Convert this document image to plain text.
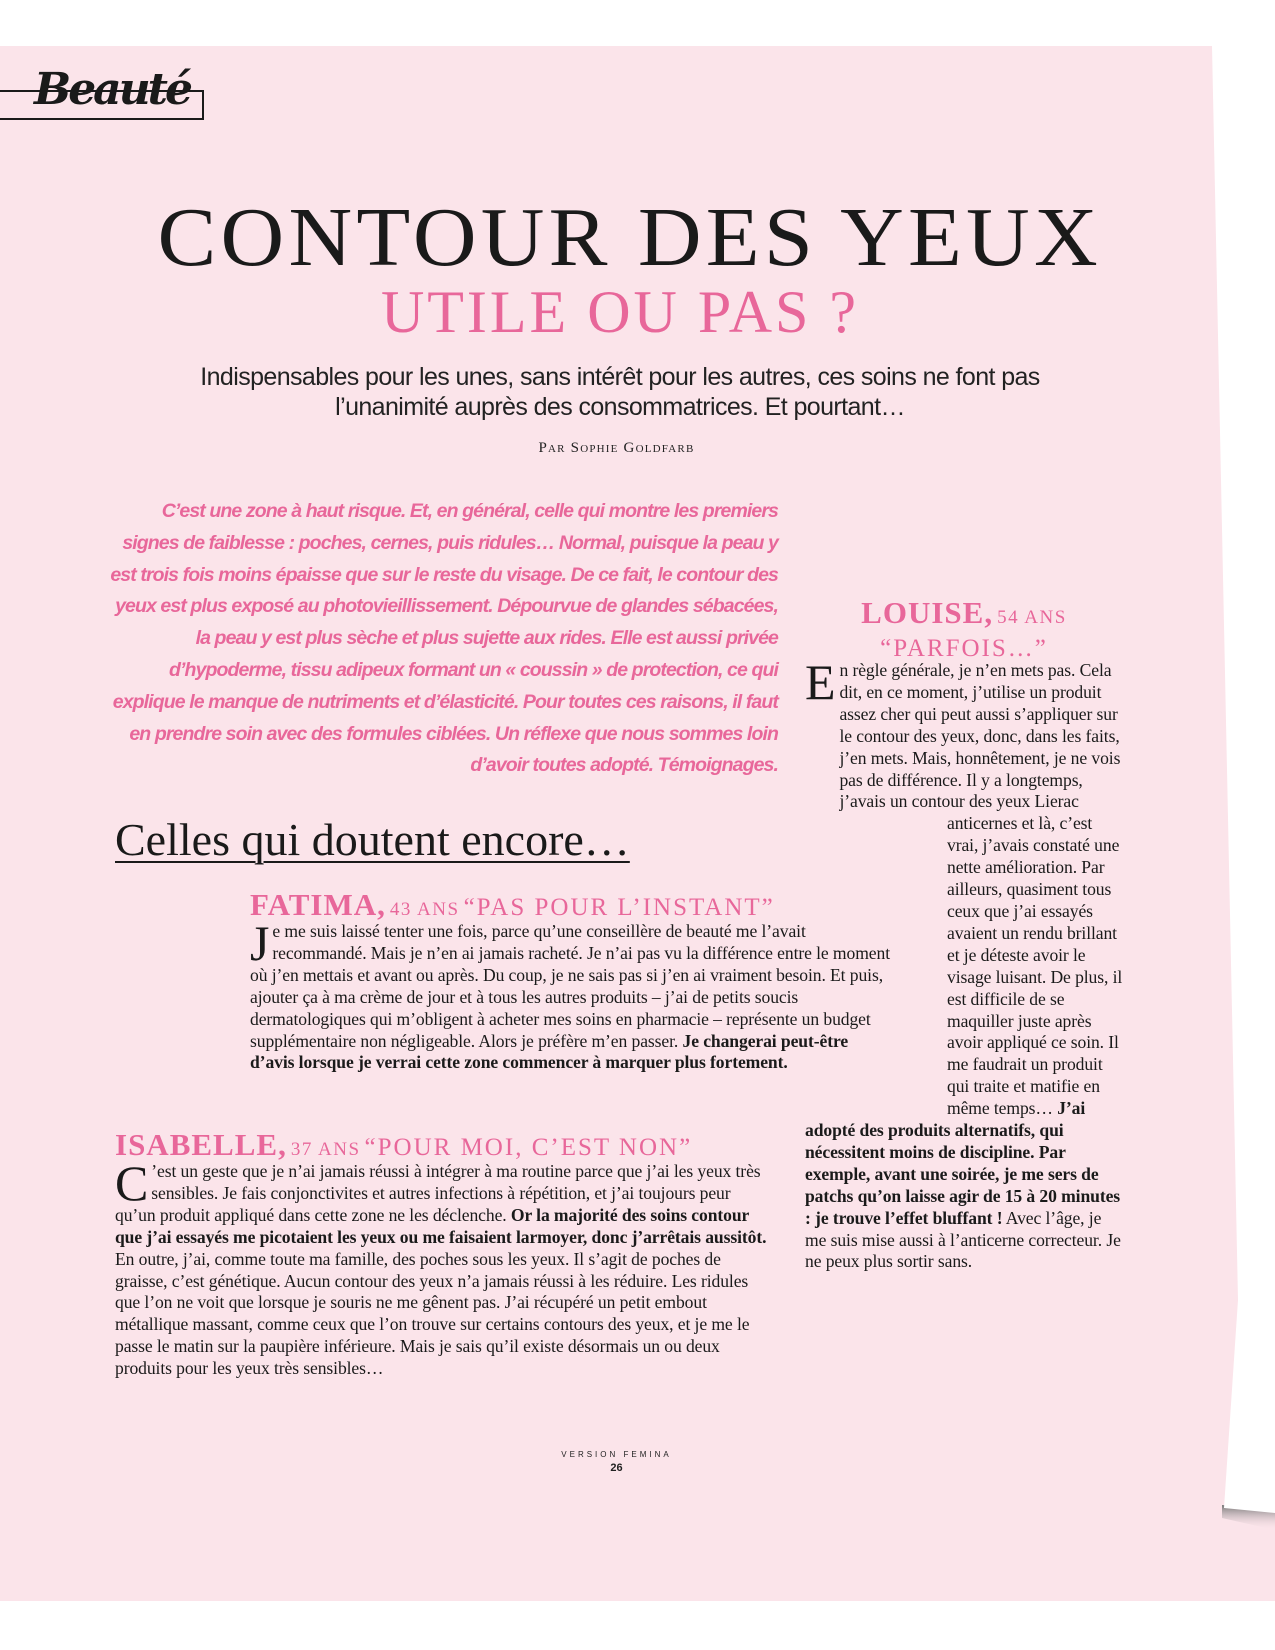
Beauté
CONTOUR DES YEUX
UTILE OU PAS ?
Indispensables pour les unes, sans intérêt pour les autres, ces soins ne font pas l’unanimité auprès des consommatrices. Et pourtant…
Par Sophie Goldfarb
C’est une zone à haut risque. Et, en général, celle qui montre les premiers signes de faiblesse : poches, cernes, puis ridules… Normal, puisque la peau y est trois fois moins épaisse que sur le reste du visage. De ce fait, le contour des yeux est plus exposé au photovieillissement. Dépourvue de glandes sébacées, la peau y est plus sèche et plus sujette aux rides. Elle est aussi privée d’hypoderme, tissu adipeux formant un « coussin » de protection, ce qui explique le manque de nutriments et d’élasticité. Pour toutes ces raisons, il faut en prendre soin avec des formules ciblées. Un réflexe que nous sommes loin d’avoir toutes adopté. Témoignages.
Celles qui doutent encore…
LOUISE, 54 ANS
“PARFOIS…”
E n règle générale, je n’en mets pas. Cela dit, en ce moment, j’utilise un produit assez cher qui peut aussi s’appliquer sur le contour des yeux, donc, dans les faits, j’en mets. Mais, honnêtement, je ne vois pas de différence. Il y a longtemps, j’avais un contour des yeux Lierac anticernes et là, c’est vrai, j’avais constaté une nette amélioration. Par ailleurs, quasiment tous ceux que j’ai essayés avaient un rendu brillant et je déteste avoir le visage luisant. De plus, il est difficile de se maquiller juste après avoir appliqué ce soin. Il me faudrait un produit qui traite et matifie en même temps… J’ai adopté des produits alternatifs, qui nécessitent moins de discipline. Par exemple, avant une soirée, je me sers de patchs qu’on laisse agir de 15 à 20 minutes : je trouve l’effet bluffant ! Avec l’âge, je me suis mise aussi à l’anticerne correcteur. Je ne peux plus sortir sans.
FATIMA, 43 ANS “PAS POUR L’INSTANT”
Je me suis laissé tenter une fois, parce qu’une conseillère de beauté me l’avait recommandé. Mais je n’en ai jamais racheté. Je n’ai pas vu la différence entre le moment où j’en mettais et avant ou après. Du coup, je ne sais pas si j’en ai vraiment besoin. Et puis, ajouter ça à ma crème de jour et à tous les autres produits – j’ai de petits soucis dermatologiques qui m’obligent à acheter mes soins en pharmacie – représente un budget supplémentaire non négligeable. Alors je préfère m’en passer. Je changerai peut-être d’avis lorsque je verrai cette zone commencer à marquer plus fortement.
ISABELLE, 37 ANS “POUR MOI, C’EST NON”
C ’est un geste que je n’ai jamais réussi à intégrer à ma routine parce que j’ai les yeux très sensibles. Je fais conjonctivites et autres infections à répétition, et j’ai toujours peur qu’un produit appliqué dans cette zone ne les déclenche. Or la majorité des soins contour que j’ai essayés me picotaient les yeux ou me faisaient larmoyer, donc j’arrêtais aussitôt. En outre, j’ai, comme toute ma famille, des poches sous les yeux. Il s’agit de poches de graisse, c’est génétique. Aucun contour des yeux n’a jamais réussi à les réduire. Les ridules que l’on ne voit que lorsque je souris ne me gênent pas. J’ai récupéré un petit embout métallique massant, comme ceux que l’on trouve sur certains contours des yeux, et je me le passe le matin sur la paupière inférieure. Mais je sais qu’il existe désormais un ou deux produits pour les yeux très sensibles…
VERSION FEMINA
26
